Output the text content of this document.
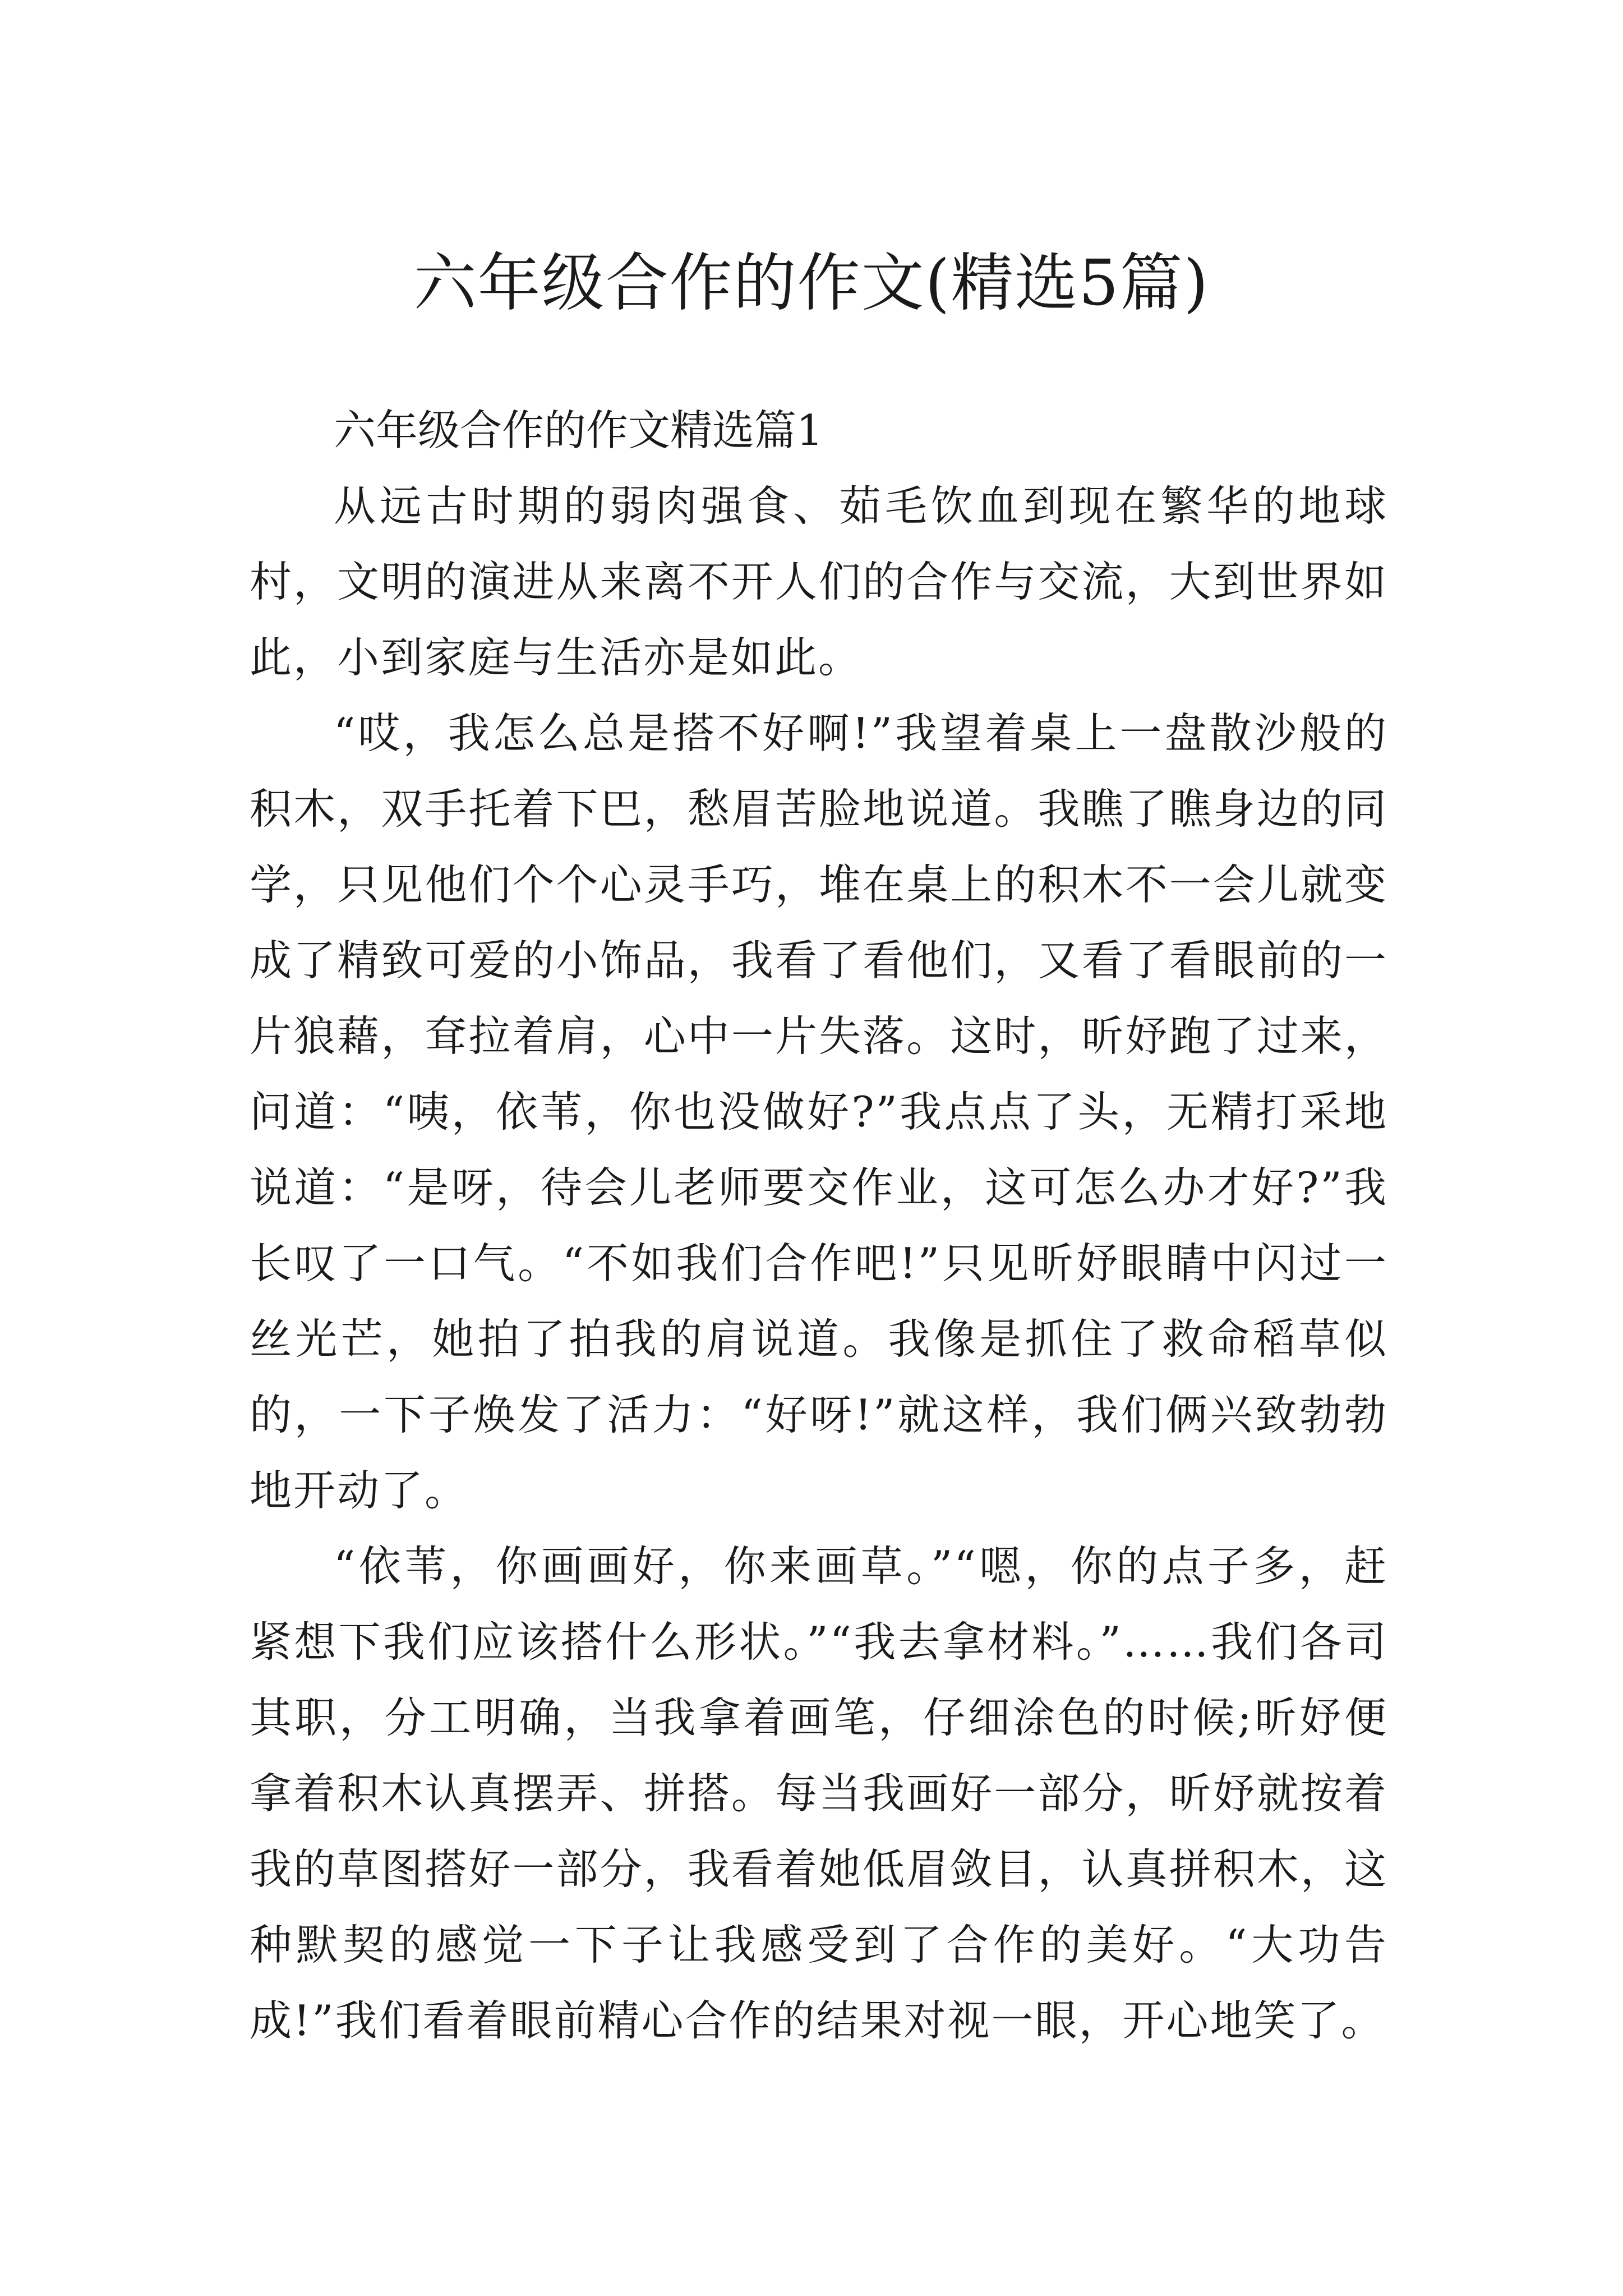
六年级合作的作文(精选5篇)

六年级合作的作文精选篇1

从远古时期的弱肉强食、茹毛饮血到现在繁华的地球村，文明的演进从来离不开人们的合作与交流，大到世界如此，小到家庭与生活亦是如此。

“哎，我怎么总是搭不好啊!”我望着桌上一盘散沙般的积木，双手托着下巴，愁眉苦脸地说道。我瞧了瞧身边的同学，只见他们个个心灵手巧，堆在桌上的积木不一会儿就变成了精致可爱的小饰品，我看了看他们，又看了看眼前的一片狼藉，耷拉着肩，心中一片失落。这时，昕妤跑了过来，问道：“咦，依苇，你也没做好?”我点点了头，无精打采地说道：“是呀，待会儿老师要交作业，这可怎么办才好?”我长叹了一口气。“不如我们合作吧!”只见昕妤眼睛中闪过一丝光芒，她拍了拍我的肩说道。我像是抓住了救命稻草似的，一下子焕发了活力：“好呀!”就这样，我们俩兴致勃勃地开动了。

“依苇，你画画好，你来画草。”“嗯，你的点子多，赶紧想下我们应该搭什么形状。”“我去拿材料。”……我们各司其职，分工明确，当我拿着画笔，仔细涂色的时候;昕妤便拿着积木认真摆弄、拼搭。每当我画好一部分，昕妤就按着我的草图搭好一部分，我看着她低眉敛目，认真拼积木，这种默契的感觉一下子让我感受到了合作的美好。“大功告成!”我们看着眼前精心合作的结果对视一眼，开心地笑了。
